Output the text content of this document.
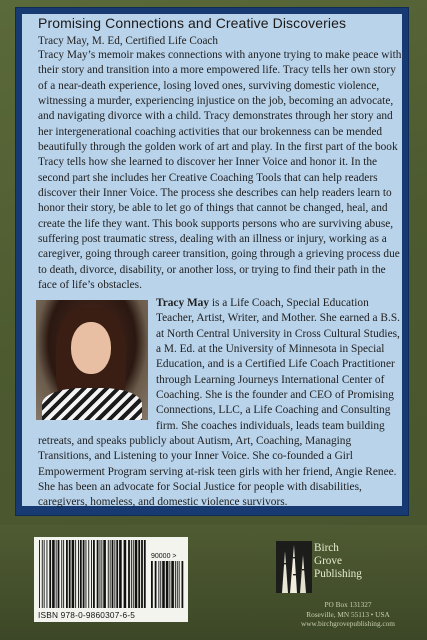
Promising Connections and Creative Discoveries
Tracy May, M. Ed, Certified Life Coach

Tracy May’s memoir makes connections with anyone trying to make peace with their story and transition into a more empowered life. Tracy tells her own story of a near-death experience, losing loved ones, surviving domestic violence, witnessing a murder, experiencing injustice on the job, becoming an advocate, and navigating divorce with a child. Tracy demonstrates through her story and her intergenerational coaching activities that our brokenness can be mended beautifully through the golden work of art and play. In the first part of the book Tracy tells how she learned to discover her Inner Voice and honor it. In the second part she includes her Creative Coaching Tools that can help readers discover their Inner Voice. The process she describes can help readers learn to honor their story, be able to let go of things that cannot be changed, heal, and create the life they want. This book supports persons who are surviving abuse, suffering post traumatic stress, dealing with an illness or injury, working as a caregiver, going through career transition, going through a grieving process due to death, divorce, disability, or another loss, or trying to find their path in the face of life’s obstacles.

Tracy May is a Life Coach, Special Education Teacher, Artist, Writer, and Mother. She earned a B.S. at North Central University in Cross Cultural Studies, a M. Ed. at the University of Minnesota in Special Education, and is a Certified Life Coach Practitioner through Learning Journeys International Center of Coaching. She is the founder and CEO of Promising Connections, LLC, a Life Coaching and Consulting firm. She coaches individuals, leads team building retreats, and speaks publicly about Autism, Art, Coaching, Managing Transitions, and Listening to your Inner Voice. She co-founded a Girl Empowerment Program serving at-risk teen girls with her friend, Angie Renee. She has been an advocate for Social Justice for people with disabilities, caregivers, homeless, and domestic violence survivors.

90000 >
ISBN 978-0-9860307-6-5
Birch
Grove
Publishing
PO Box 131327
Roseville, MN 55113 • USA
www.birchgrovepublishing.com
